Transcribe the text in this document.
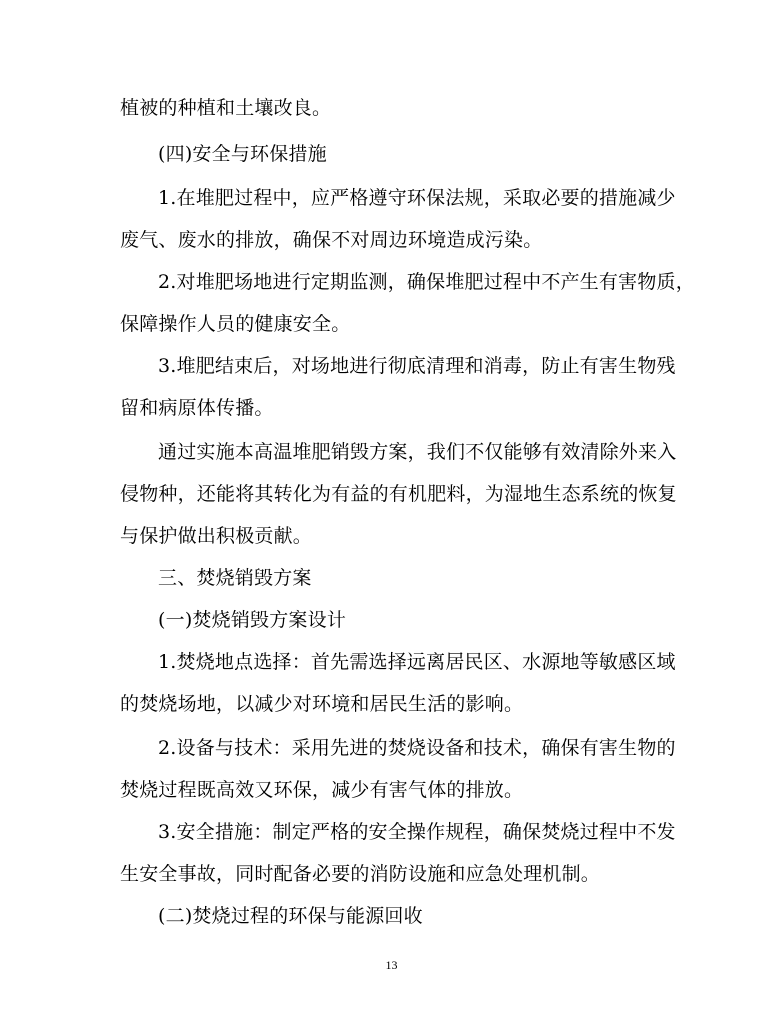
植被的种植和土壤改良。
(四)安全与环保措施
1.在堆肥过程中，应严格遵守环保法规，采取必要的措施减少
废气、废水的排放，确保不对周边环境造成污染。
2.对堆肥场地进行定期监测，确保堆肥过程中不产生有害物质，
保障操作人员的健康安全。
3.堆肥结束后，对场地进行彻底清理和消毒，防止有害生物残
留和病原体传播。
通过实施本高温堆肥销毁方案，我们不仅能够有效清除外来入
侵物种，还能将其转化为有益的有机肥料，为湿地生态系统的恢复
与保护做出积极贡献。
三、焚烧销毁方案
(一)焚烧销毁方案设计
1.焚烧地点选择：首先需选择远离居民区、水源地等敏感区域
的焚烧场地，以减少对环境和居民生活的影响。
2.设备与技术：采用先进的焚烧设备和技术，确保有害生物的
焚烧过程既高效又环保，减少有害气体的排放。
3.安全措施：制定严格的安全操作规程，确保焚烧过程中不发
生安全事故，同时配备必要的消防设施和应急处理机制。
(二)焚烧过程的环保与能源回收
13
